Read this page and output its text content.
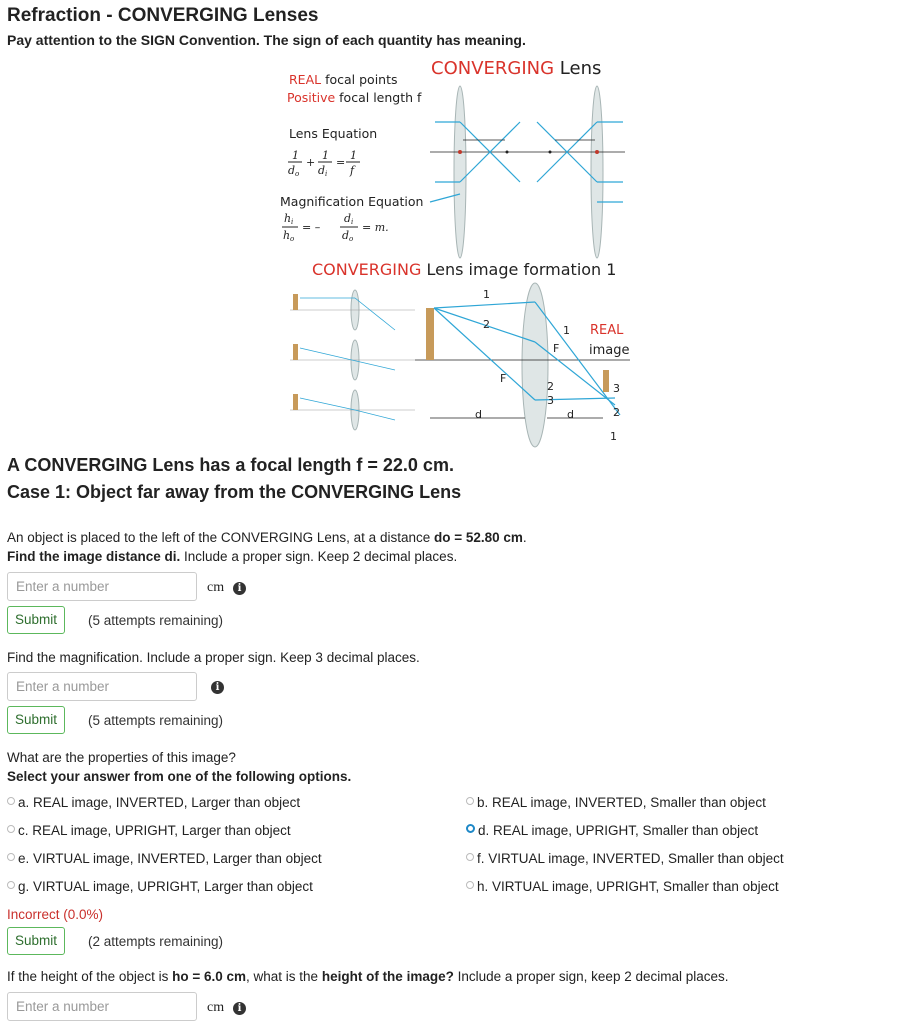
Refraction - CONVERGING Lenses
Pay attention to the SIGN Convention. The sign of each quantity has meaning.
CONVERGING Lens
REAL focal points
Positive focal length f
Lens Equation
1
d o
+
1
d i
=
1
f
Magnification Equation
h i
h o
= –
d i
d o
= m.
CONVERGING Lens image formation 1
1
2	1
F
2
3
3
2
1
F
d	d
REAL
image
A CONVERGING Lens has a focal length f = 22.0 cm.
Case 1: Object far away from the CONVERGING Lens
An object is placed to the left of the CONVERGING Lens, at a distance do = 52.80 cm.
Find the image distance di. Include a proper sign. Keep 2 decimal places.
Enter a number	cm i
Submit	(5 attempts remaining)
Find the magnification. Include a proper sign. Keep 3 decimal places.
Enter a number	i
Submit	(5 attempts remaining)
What are the properties of this image?
Select your answer from one of the following options.
a. REAL image, INVERTED, Larger than object	b. REAL image, INVERTED, Smaller than object
c. REAL image, UPRIGHT, Larger than object	d. REAL image, UPRIGHT, Smaller than object
e. VIRTUAL image, INVERTED, Larger than object	f. VIRTUAL image, INVERTED, Smaller than object
g. VIRTUAL image, UPRIGHT, Larger than object	h. VIRTUAL image, UPRIGHT, Smaller than object
Incorrect (0.0%)
Submit	(2 attempts remaining)
If the height of the object is ho = 6.0 cm, what is the height of the image? Include a proper sign, keep 2 decimal places.
Enter a number	cm i
